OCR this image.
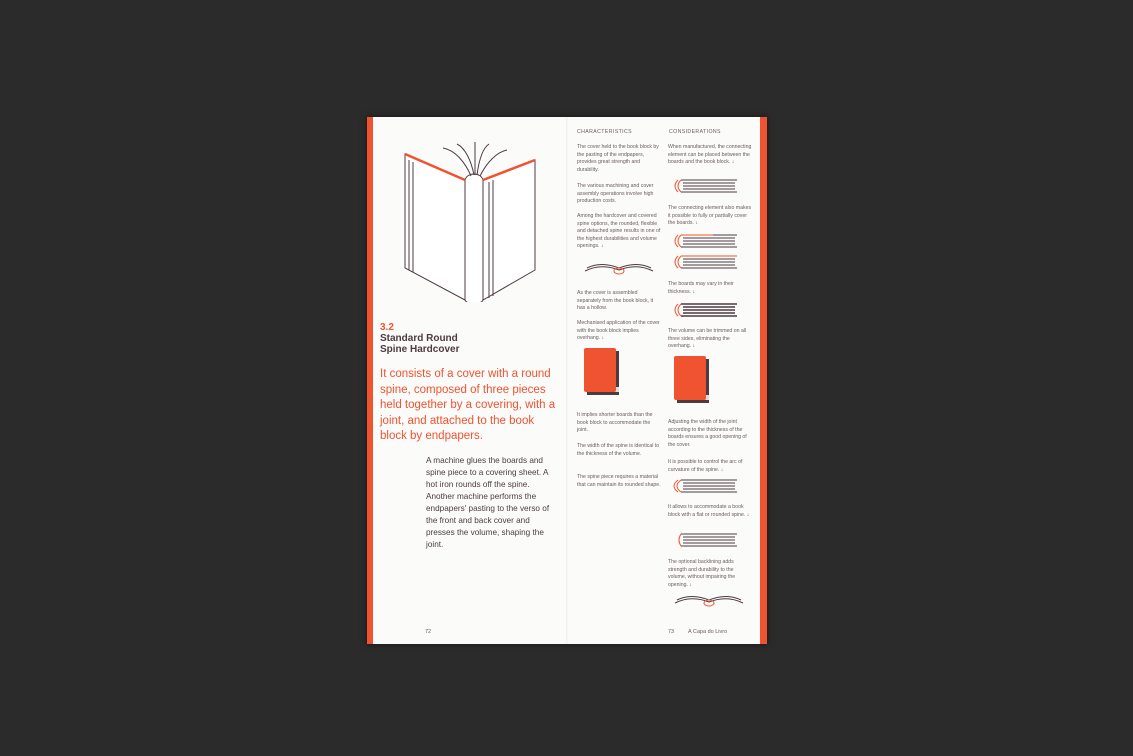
3.2
Standard Round
Spine Hardcover
It consists of a cover with a round spine, composed of three pieces held together by a covering, with a joint, and attached to the book block by endpapers.
A machine glues the boards and spine piece to a covering sheet. A hot iron rounds off the spine. Another machine performs the endpapers' pasting to the verso of the front and back cover and presses the volume, shaping the joint.
72
CHARACTERISTICS

The cover held to the book block by the pasting of the endpapers, provides great strength and durability.

The various machining and cover assembly operations involve high production costs.

Among the hardcover and covered spine options, the rounded, flexible and detached spine results in one of the highest durabilities and volume openings. ↓

As the cover is assembled separately from the book block, it has a hollow.

Mechanised application of the cover with the book block implies overhang. ↓

It implies shorter boards than the book block to accommodate the joint.

The width of the spine is identical to the thickness of the volume.

The spine piece requires a material that can maintain its rounded shape.

CONSIDERATIONS

When manufactured, the connecting element can be placed between the boards and the book block. ↓

The connecting element also makes it possible to fully or partially cover the boards. ↓

The boards may vary in their thickness. ↓

The volume can be trimmed on all three sides, eliminating the overhang. ↓

Adjusting the width of the joint according to the thickness of the boards ensures a good opening of the cover.

It is possible to control the arc of curvature of the spine. ↓

It allows to accommodate a book block with a flat or rounded spine. ↓

The optional backlining adds strength and durability to the volume, without impairing the opening. ↓

73	A Capa do Livro
